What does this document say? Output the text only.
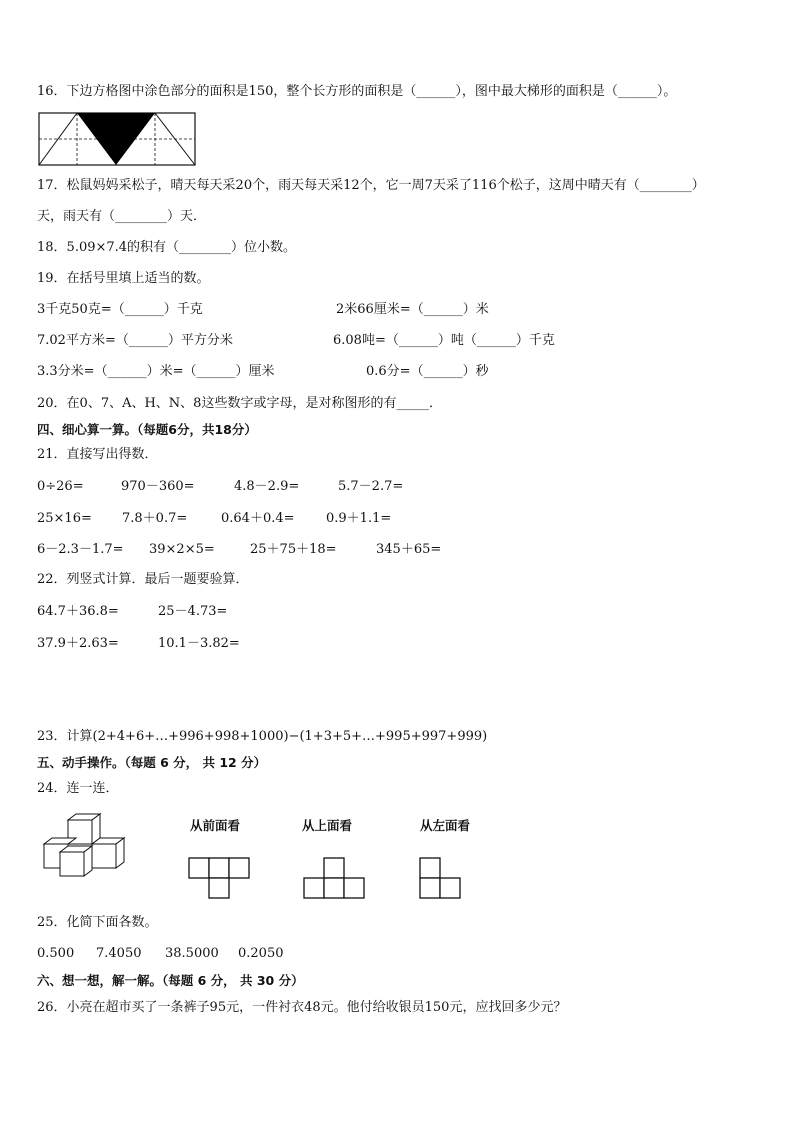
16．下边方格图中涂色部分的面积是150，整个长方形的面积是（______），图中最大梯形的面积是（______）。
17．松鼠妈妈采松子，晴天每天采20个，雨天每天采12个，它一周7天采了116个松子，这周中晴天有（________）
天，雨天有（________）天．
18．5.09×7.4的积有（________）位小数。
19．在括号里填上适当的数。
3千克50克=（______）千克	2米66厘米=（______）米
7.02平方米=（______）平方分米	6.08吨=（______）吨（______）千克
3.3分米=（______）米=（______）厘米	0.6分=（______）秒
20．在0、7、A、H、N、8这些数字或字母，是对称图形的有_____．
四、细心算一算。（每题6分，共18分）
21．直接写出得数．
0÷26=	970－360=	4.8－2.9=	5.7－2.7=
25×16= 7.8＋0.7=	0.64＋0.4= 0.9＋1.1=
6－2.3－1.7= 39×2×5=	25＋75＋18=	345＋65=
22．列竖式计算．最后一题要验算．
64.7＋36.8=	25－4.73=
37.9＋2.63=	10.1－3.82=
23．计算(2+4+6+…+996+998+1000)−(1+3+5+…+995+997+999)
五、动手操作。（每题 6 分， 共 12 分）
24．连一连．
从前面看	从上面看	从左面看
25．化简下面各数。
0.500 7.4050 38.5000 0.2050
六、想一想，解一解。（每题 6 分， 共 30 分）
26．小亮在超市买了一条裤子95元，一件衬衣48元。他付给收银员150元，应找回多少元？
